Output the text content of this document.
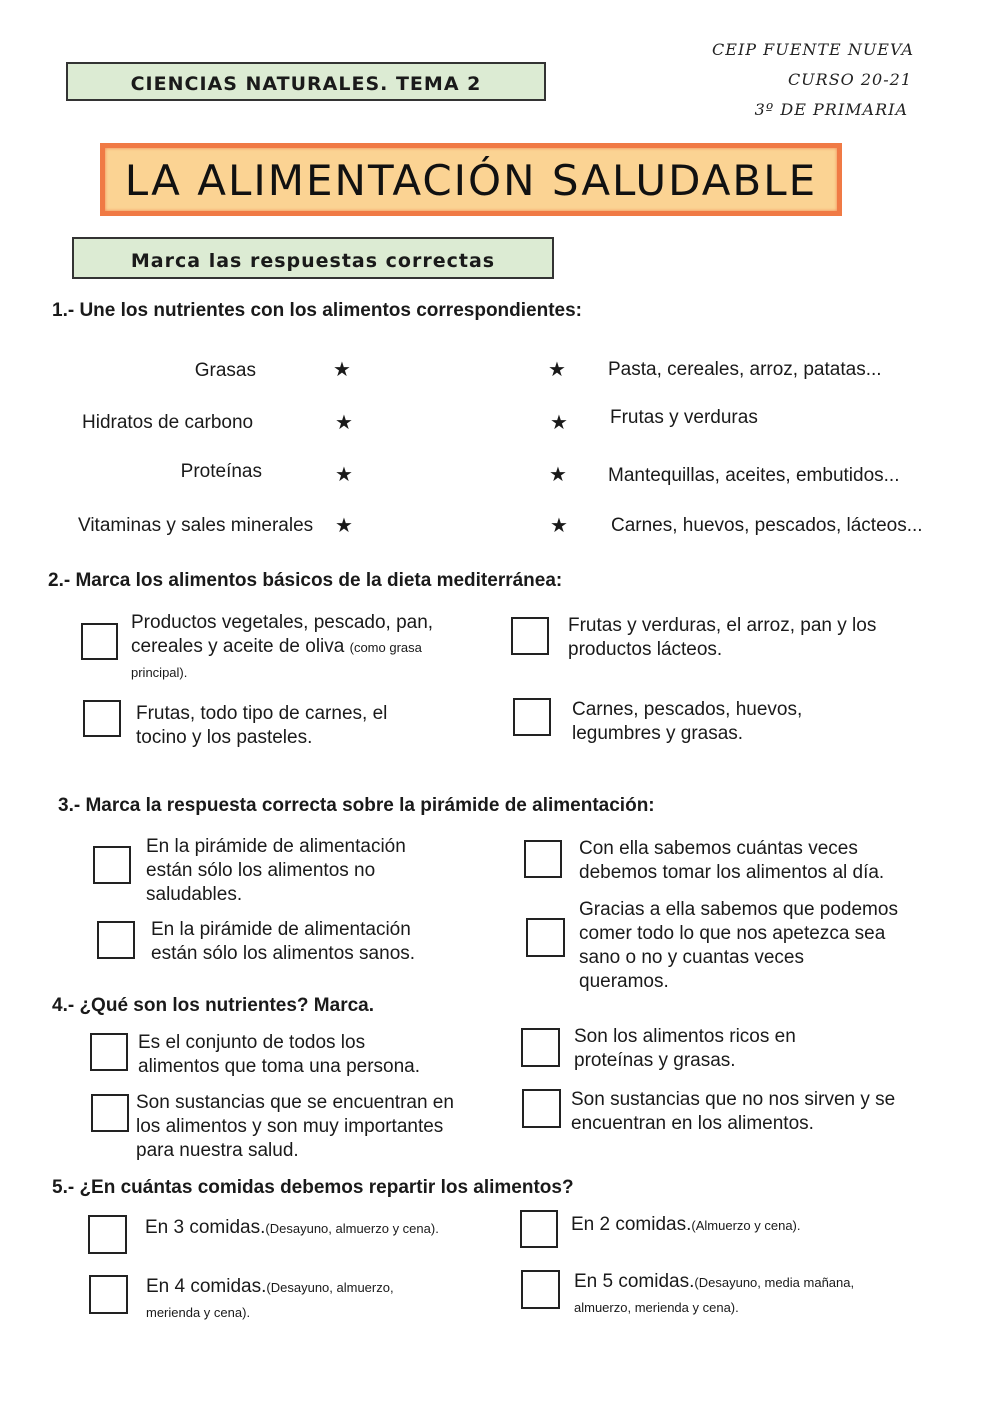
CEIP FUENTE NUEVA
CURSO 20-21
3º DE PRIMARIA
CIENCIAS NATURALES. TEMA 2
LA ALIMENTACIÓN SALUDABLE
Marca las respuestas correctas
1.- Une los nutrientes con los alimentos correspondientes:
Grasas
Hidratos de carbono
Proteínas
Vitaminas y sales minerales
★
★
★
★
★
★
★
★
Pasta, cereales, arroz, patatas...
Frutas y verduras
Mantequillas, aceites, embutidos...
Carnes, huevos, pescados, lácteos...
2.- Marca los alimentos básicos de la dieta mediterránea:
Productos vegetales, pescado, pan, cereales y aceite de oliva (como grasa principal).
Frutas y verduras, el arroz, pan y los productos lácteos.
Frutas, todo tipo de carnes, el tocino y los pasteles.
Carnes, pescados, huevos, legumbres y grasas.
3.- Marca la respuesta correcta sobre la pirámide de alimentación:
En la pirámide de alimentación están sólo los alimentos no saludables.
Con ella sabemos cuántas veces debemos tomar los alimentos al día.
En la pirámide de alimentación están sólo los alimentos sanos.
Gracias a ella sabemos que podemos comer todo lo que nos apetezca sea sano o no y cuantas veces queramos.
4.- ¿Qué son los nutrientes? Marca.
Es el conjunto de todos los alimentos que toma una persona.
Son los alimentos ricos en proteínas y grasas.
Son sustancias que se encuentran en los alimentos y son muy importantes para nuestra salud.
Son sustancias que no nos sirven y se encuentran en los alimentos.
5.- ¿En cuántas comidas debemos repartir los alimentos?
En 3 comidas.(Desayuno, almuerzo y cena).	En 2 comidas.(Almuerzo y cena).
En 4 comidas.(Desayuno, almuerzo, merienda y cena).
En 5 comidas.(Desayuno, media mañana, almuerzo, merienda y cena).
